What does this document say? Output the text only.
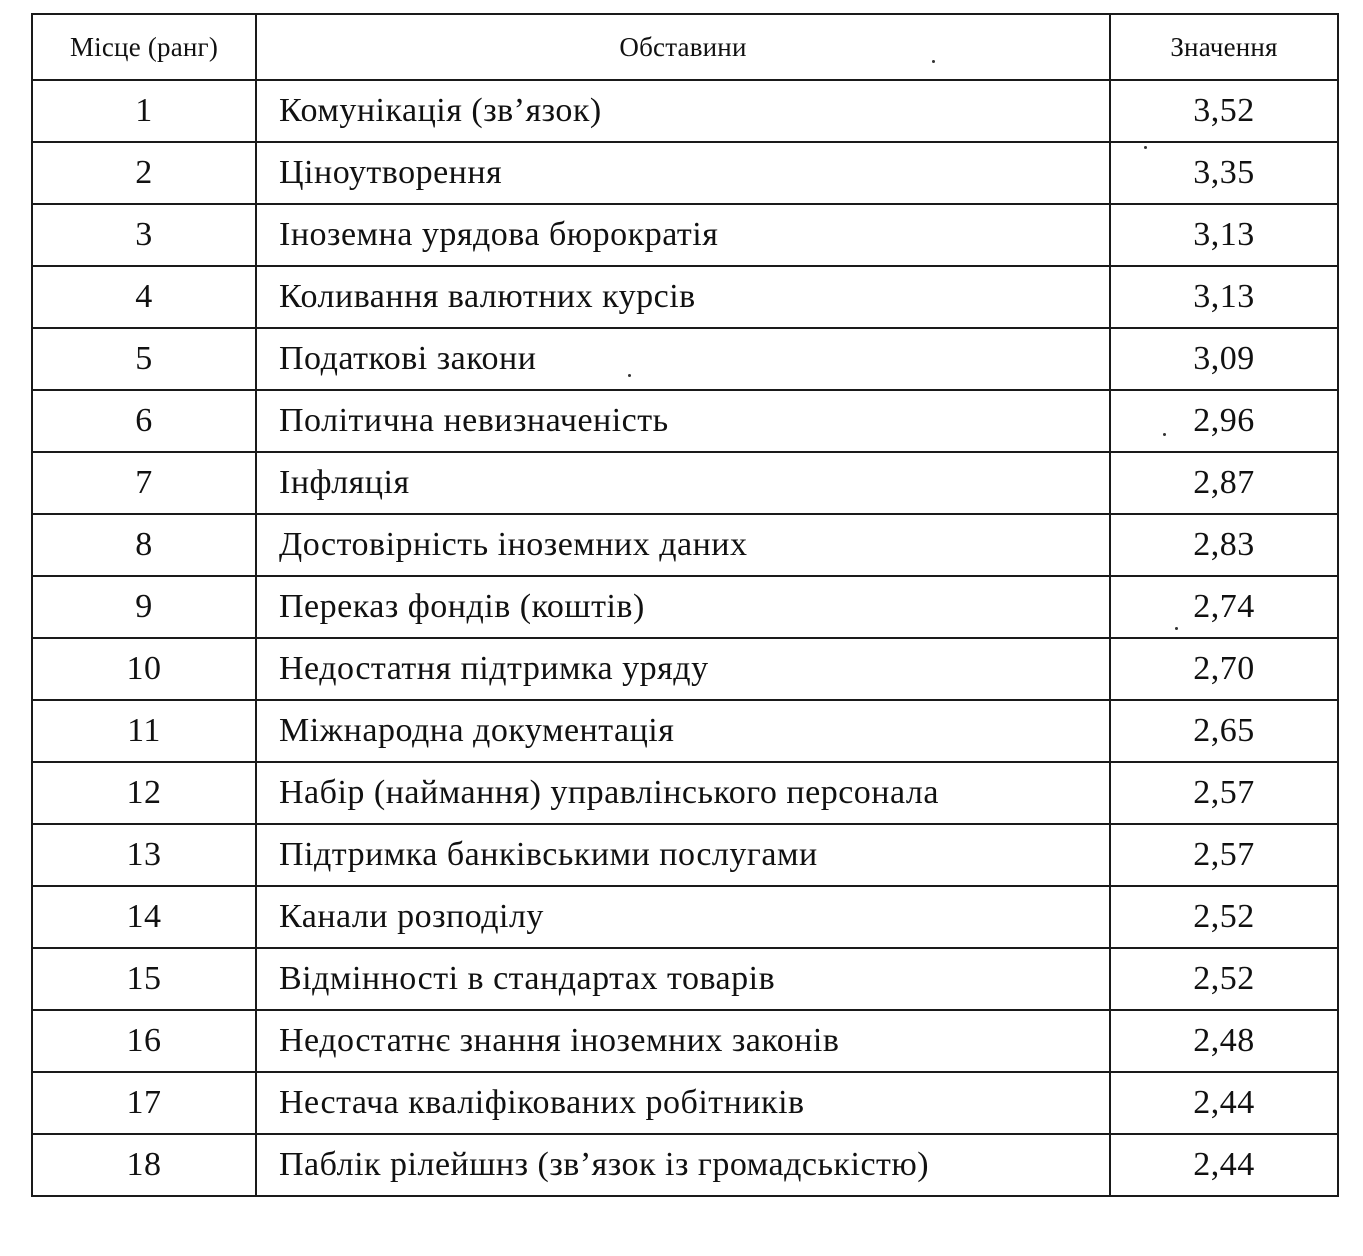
Місце (ранг)	Обставини	Значення
1	Комунікація (зв’язок)	3,52
2	Ціноутворення	3,35
3	Іноземна урядова бюрократія	3,13
4	Коливання валютних курсів	3,13
5	Податкові закони	3,09
6	Політична невизначеність	2,96
7	Інфляція	2,87
8	Достовірність іноземних даних	2,83
9	Переказ фондів (коштів)	2,74
10	Недостатня підтримка уряду	2,70
11	Міжнародна документація	2,65
12	Набір (наймання) управлінського персонала	2,57
13	Підтримка банківськими послугами	2,57
14	Канали розподілу	2,52
15	Відмінності в стандартах товарів	2,52
16	Недостатнє знання іноземних законів	2,48
17	Нестача кваліфікованих робітників	2,44
18	Паблік рілейшнз (зв’язок із громадськістю)	2,44
